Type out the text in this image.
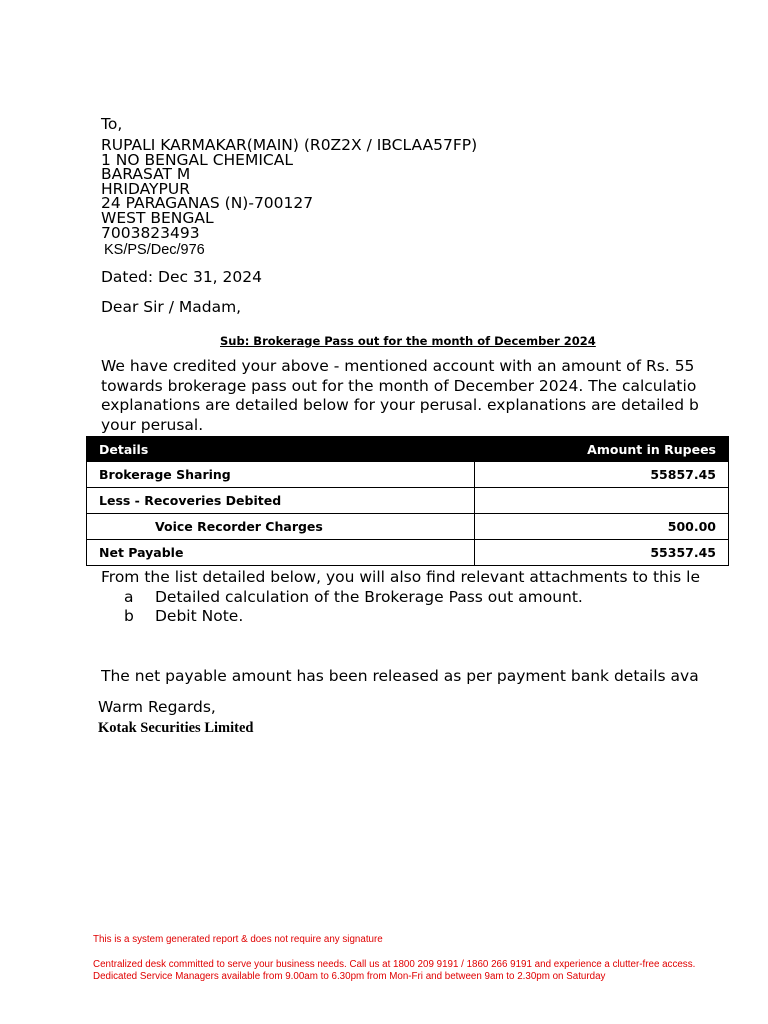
To,
RUPALI KARMAKAR(MAIN) (R0Z2X / IBCLAA57FP)
1 NO BENGAL CHEMICAL
BARASAT M
HRIDAYPUR
24 PARAGANAS (N)-700127
WEST BENGAL
7003823493
KS/PS/Dec/976
Dated: Dec 31, 2024
Dear Sir / Madam,
Sub: Brokerage Pass out for the month of December 2024
We have credited your above - mentioned account with an amount of Rs. 55
towards brokerage pass out for the month of December 2024. The calculatio
explanations are detailed below for your perusal. explanations are detailed b
your perusal.
Details	Amount in Rupees
Brokerage Sharing	55857.45
Less - Recoveries Debited	
Voice Recorder Charges	500.00
Net Payable	55357.45
From the list detailed below, you will also find relevant attachments to this le
a Detailed calculation of the Brokerage Pass out amount.
b Debit Note.
The net payable amount has been released as per payment bank details ava
Warm Regards,
Kotak Securities Limited
This is a system generated report & does not require any signature
Centralized desk committed to serve your business needs. Call us at 1800 209 9191 / 1860 266 9191 and experience a clutter-free access.
Dedicated Service Managers available from 9.00am to 6.30pm from Mon-Fri and between 9am to 2.30pm on Saturday
